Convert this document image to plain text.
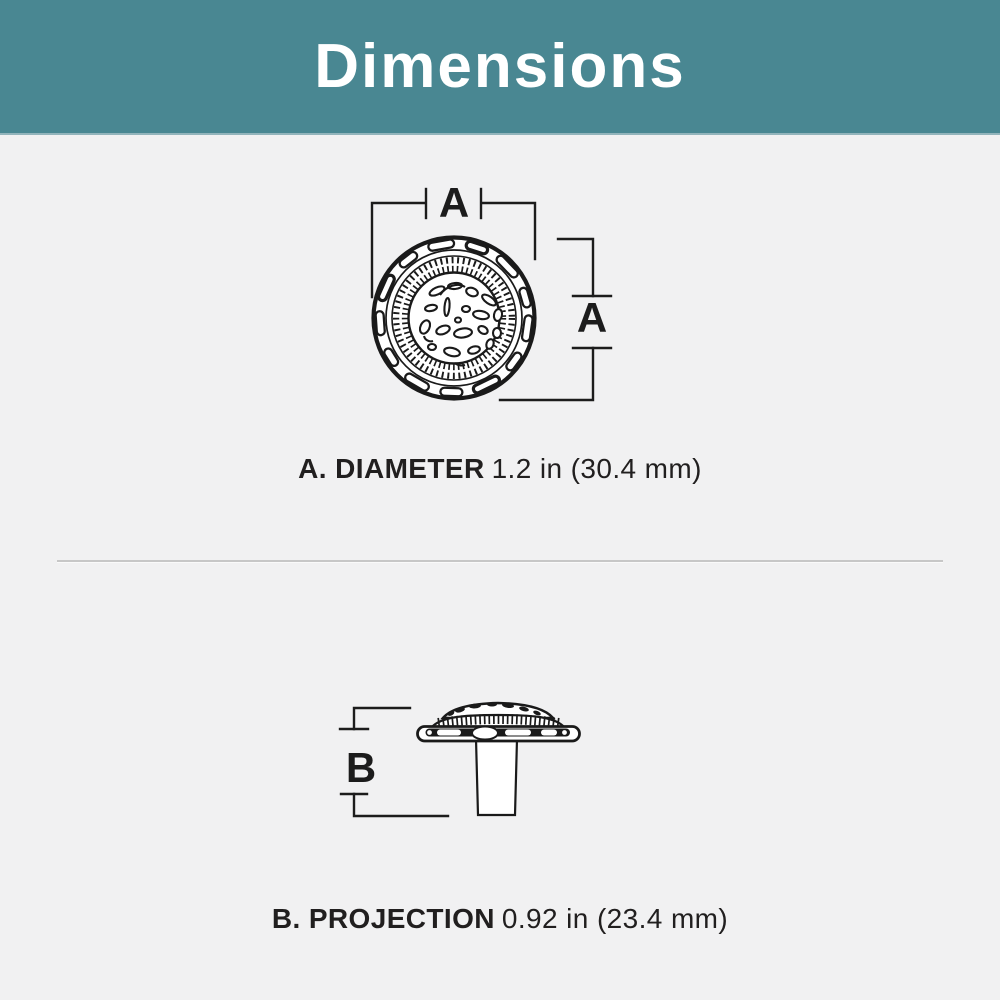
Dimensions
A
A
A. DIAMETER 1.2 in (30.4 mm)
B
B. PROJECTION 0.92 in (23.4 mm)
